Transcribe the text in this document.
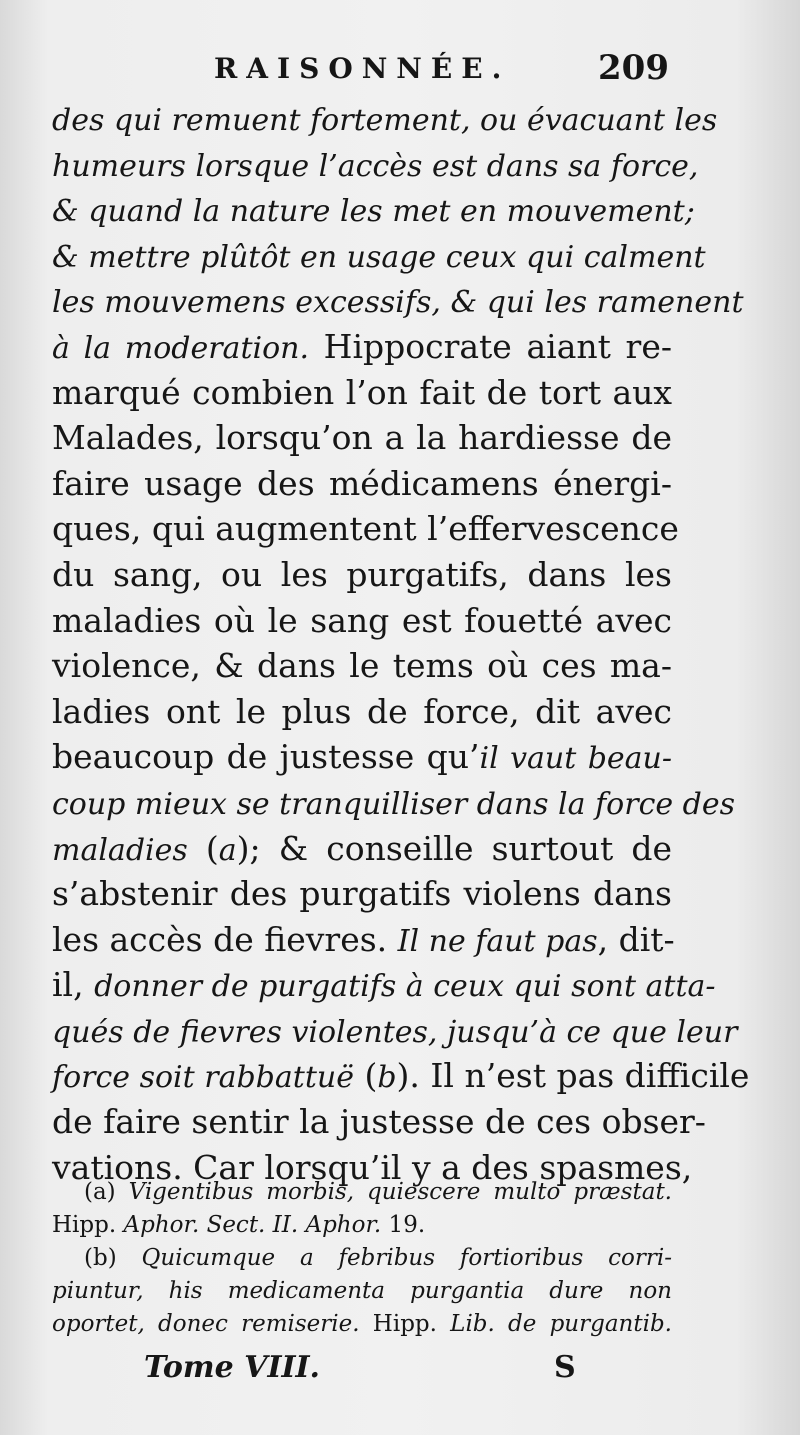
RAISONNÉE.	209
des qui remuent fortement, ou évacuant les
humeurs lorsque l’accès est dans sa force,
& quand la nature les met en mouvement;
& mettre plûtôt en usage ceux qui calment
les mouvemens excessifs, & qui les ramenent
à la moderation. Hippocrate aiant re-
marqué combien l’on fait de tort aux
Malades, lorsqu’on a la hardiesse de
faire usage des médicamens énergi-
ques, qui augmentent l’effervescence
du sang, ou les purgatifs, dans les
maladies où le sang est fouetté avec
violence, & dans le tems où ces ma-
ladies ont le plus de force, dit avec
beaucoup de justesse qu’il vaut beau-
coup mieux se tranquilliser dans la force des
maladies (a); & conseille surtout de
s’abstenir des purgatifs violens dans
les accès de fievres. Il ne faut pas, dit-
il, donner de purgatifs à ceux qui sont atta-
qués de fievres violentes, jusqu’à ce que leur
force soit rabbattuë (b). Il n’est pas difficile
de faire sentir la justesse de ces obser-
vations. Car lorsqu’il y a des spasmes,
(a) Vigentibus morbis, quiescere multo præstat.
Hipp. Aphor. Sect. II. Aphor. 19.
(b) Quicumque a febribus fortioribus corri-
piuntur, his medicamenta purgantia dure non
oportet, donec remiserie. Hipp. Lib. de purgantib.
Tome VIII.	S
